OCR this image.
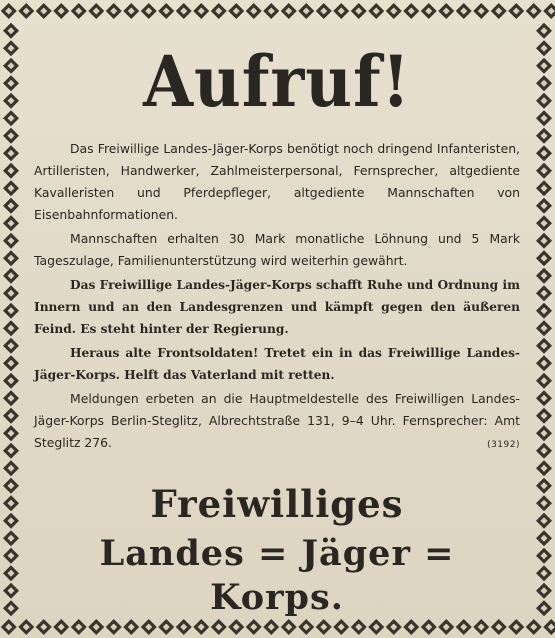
Aufruf!

Das Freiwillige Landes-Jäger-Korps benötigt noch dringend Infanteristen, Artilleristen, Handwerker, Zahlmeisterpersonal, Fernsprecher, altgediente Kavalleristen und Pferdepfleger, altgediente Mannschaften von Eisenbahnformationen.

Mannschaften erhalten 30 Mark monatliche Löhnung und 5 Mark Tageszulage, Familienunterstützung wird weiterhin gewährt.

Das Freiwillige Landes-Jäger-Korps schafft Ruhe und Ordnung im Innern und an den Landesgrenzen und kämpft gegen den äußeren Feind. Es steht hinter der Regierung.

Heraus alte Frontsoldaten! Tretet ein in das Freiwillige Landes-Jäger-Korps. Helft das Vaterland mit retten.

Meldungen erbeten an die Hauptmeldestelle des Freiwilligen Landes-Jäger-Korps Berlin-Steglitz, Albrechtstraße 131, 9–4 Uhr. Fernsprecher: Amt Steglitz 276.	(3192)

Freiwilliges
Landes = Jäger = Korps.
